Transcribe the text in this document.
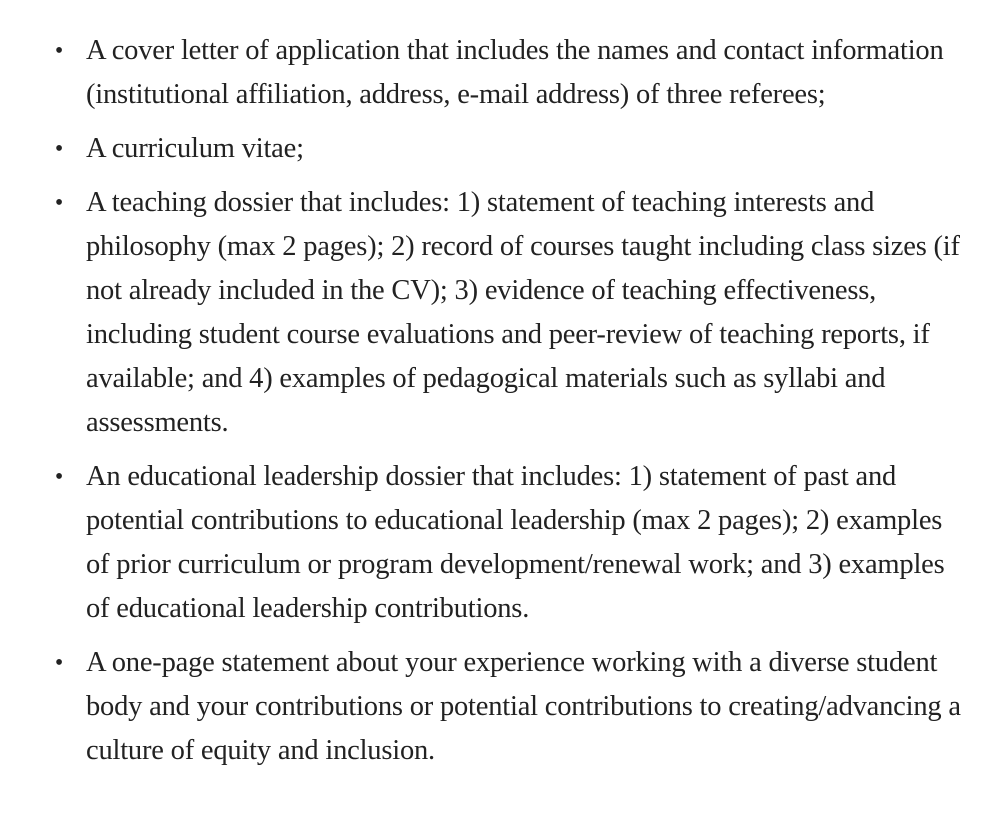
• A cover letter of application that includes the names and contact information (institutional affiliation, address, e-mail address) of three referees;
• A curriculum vitae;
• A teaching dossier that includes: 1) statement of teaching interests and philosophy (max 2 pages); 2) record of courses taught including class sizes (if not already included in the CV); 3) evidence of teaching effectiveness, including student course evaluations and peer-review of teaching reports, if available; and 4) examples of pedagogical materials such as syllabi and assessments.
• An educational leadership dossier that includes: 1) statement of past and potential contributions to educational leadership (max 2 pages); 2) examples of prior curriculum or program development/renewal work; and 3) examples of educational leadership contributions.
• A one-page statement about your experience working with a diverse student body and your contributions or potential contributions to creating/advancing a culture of equity and inclusion.
